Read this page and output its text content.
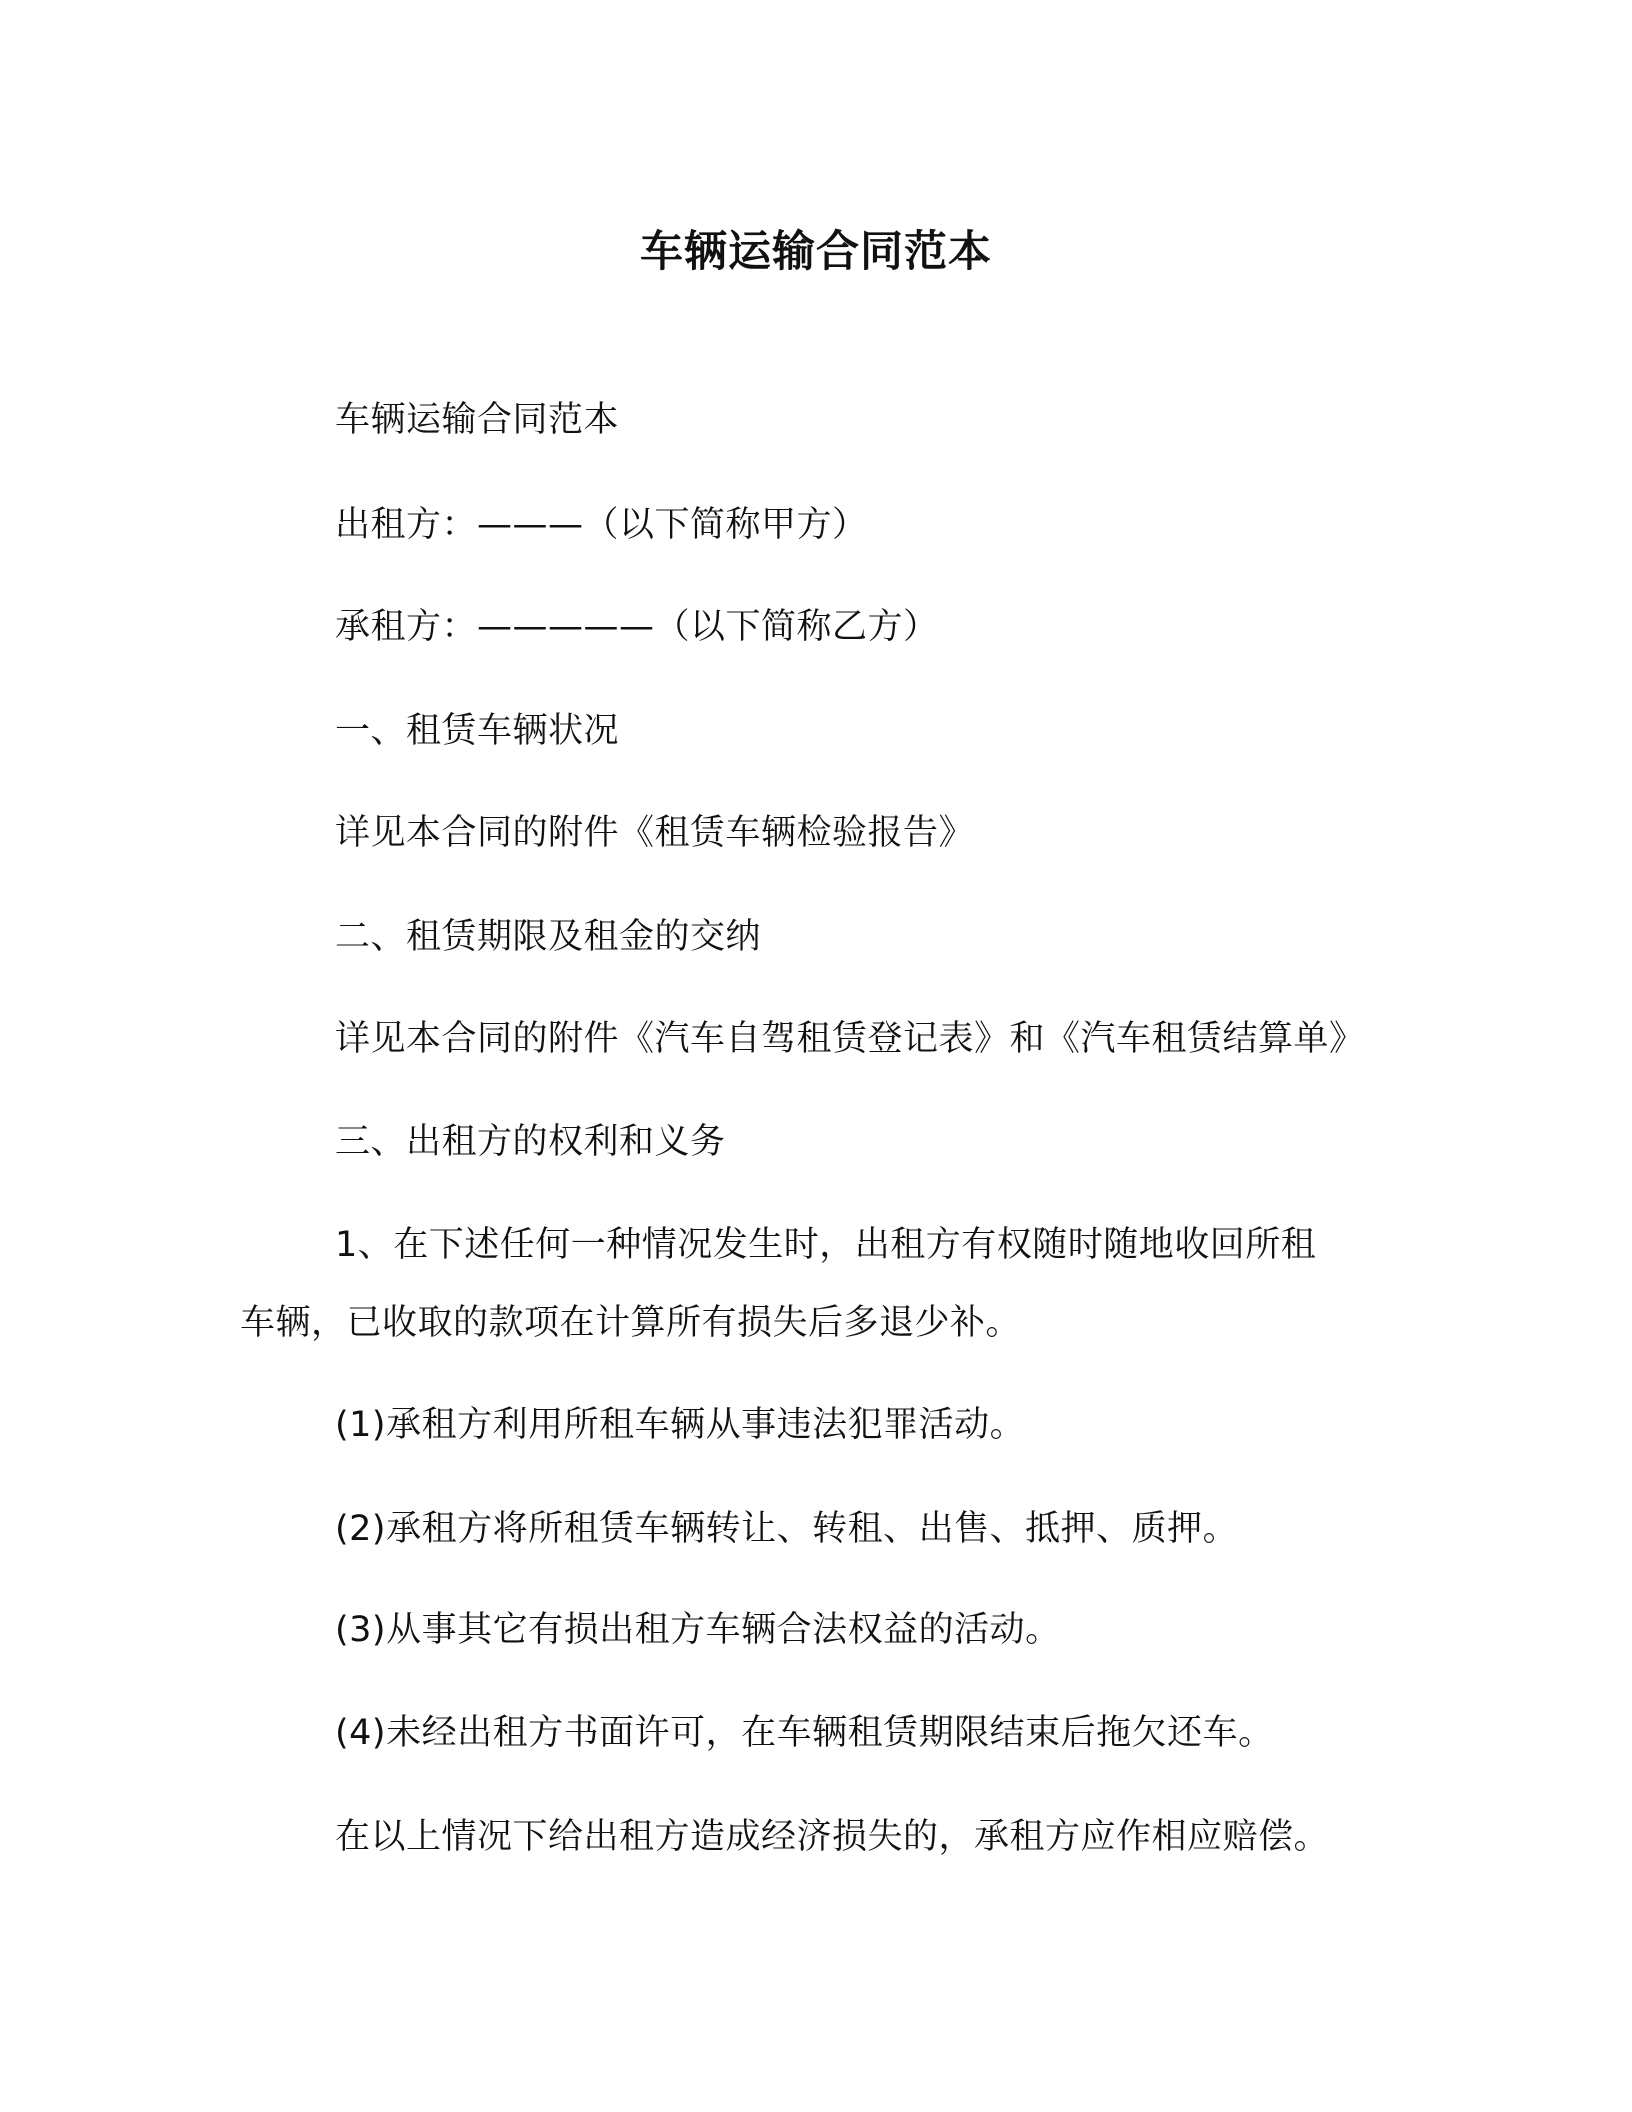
车辆运输合同范本
车辆运输合同范本
出租方：———（以下简称甲方）
承租方：—————（以下简称乙方）
一、租赁车辆状况
详见本合同的附件《租赁车辆检验报告》
二、租赁期限及租金的交纳
详见本合同的附件《汽车自驾租赁登记表》和《汽车租赁结算单》
三、出租方的权利和义务
1、在下述任何一种情况发生时，出租方有权随时随地收回所租
车辆，已收取的款项在计算所有损失后多退少补。
(1)承租方利用所租车辆从事违法犯罪活动。
(2)承租方将所租赁车辆转让、转租、出售、抵押、质押。
(3)从事其它有损出租方车辆合法权益的活动。
(4)未经出租方书面许可，在车辆租赁期限结束后拖欠还车。
在以上情况下给出租方造成经济损失的，承租方应作相应赔偿。
